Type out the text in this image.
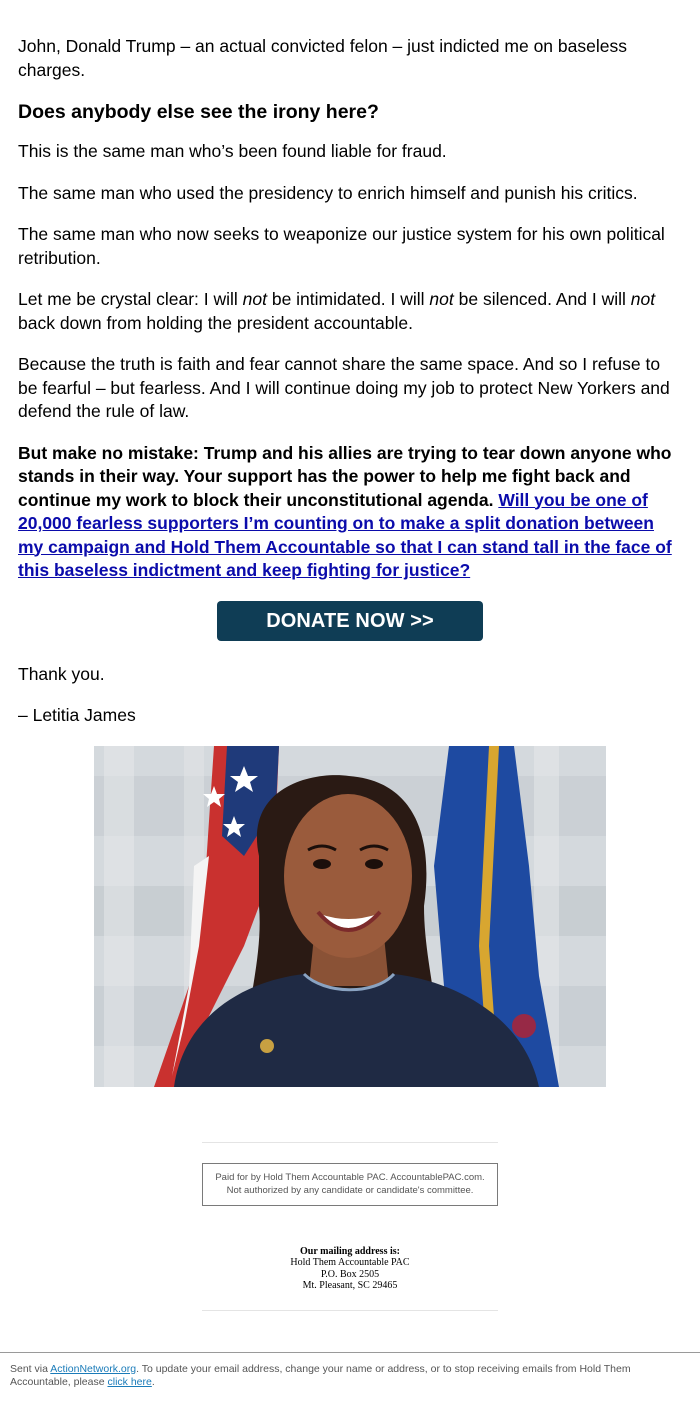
John, Donald Trump – an actual convicted felon – just indicted me on baseless charges.

Does anybody else see the irony here?

This is the same man who’s been found liable for fraud.

The same man who used the presidency to enrich himself and punish his critics.

The same man who now seeks to weaponize our justice system for his own political retribution.

Let me be crystal clear: I will not be intimidated. I will not be silenced. And I will not back down from holding the president accountable.

Because the truth is faith and fear cannot share the same space. And so I refuse to be fearful – but fearless. And I will continue doing my job to protect New Yorkers and defend the rule of law.

But make no mistake: Trump and his allies are trying to tear down anyone who stands in their way. Your support has the power to help me fight back and continue my work to block their unconstitutional agenda. Will you be one of 20,000 fearless supporters I’m counting on to make a split donation between my campaign and Hold Them Accountable so that I can stand tall in the face of this baseless indictment and keep fighting for justice?

DONATE NOW >>

Thank you.

– Letitia James

Paid for by Hold Them Accountable PAC. AccountablePAC.com. Not authorized by any candidate or candidate's committee.
Our mailing address is:
Hold Them Accountable PAC
P.O. Box 2505
Mt. Pleasant, SC 29465
Sent via ActionNetwork.org. To update your email address, change your name or address, or to stop receiving emails from Hold Them Accountable, please click here.
